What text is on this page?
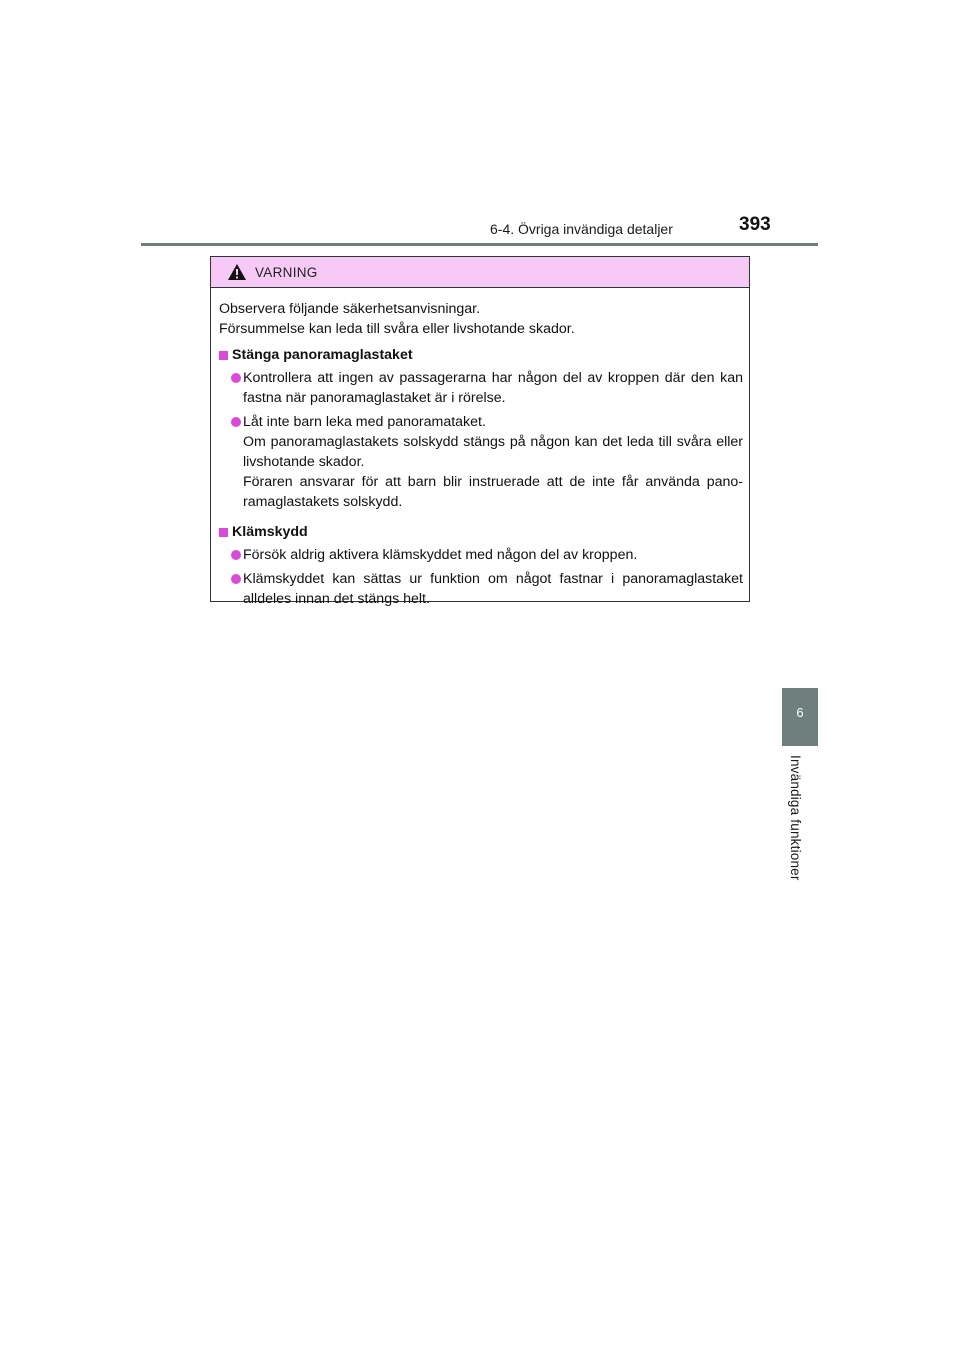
6-4. Övriga invändiga detaljer	393
6
Invändiga funktioner
VARNING

Observera följande säkerhetsanvisningar.

Försummelse kan leda till svåra eller livshotande skador.

Stänga panoramaglastaket

Kontrollera att ingen av passagerarna har någon del av kroppen där den kan fastna när panoramaglastaket är i rörelse.

Låt inte barn leka med panoramataket.

Om panoramaglastakets solskydd stängs på någon kan det leda till svåra eller livshotande skador.

Föraren ansvarar för att barn blir instruerade att de inte får använda pano- ramaglastakets solskydd.

Klämskydd

Försök aldrig aktivera klämskyddet med någon del av kroppen.

Klämskyddet kan sättas ur funktion om något fastnar i panoramaglastaket alldeles innan det stängs helt.
